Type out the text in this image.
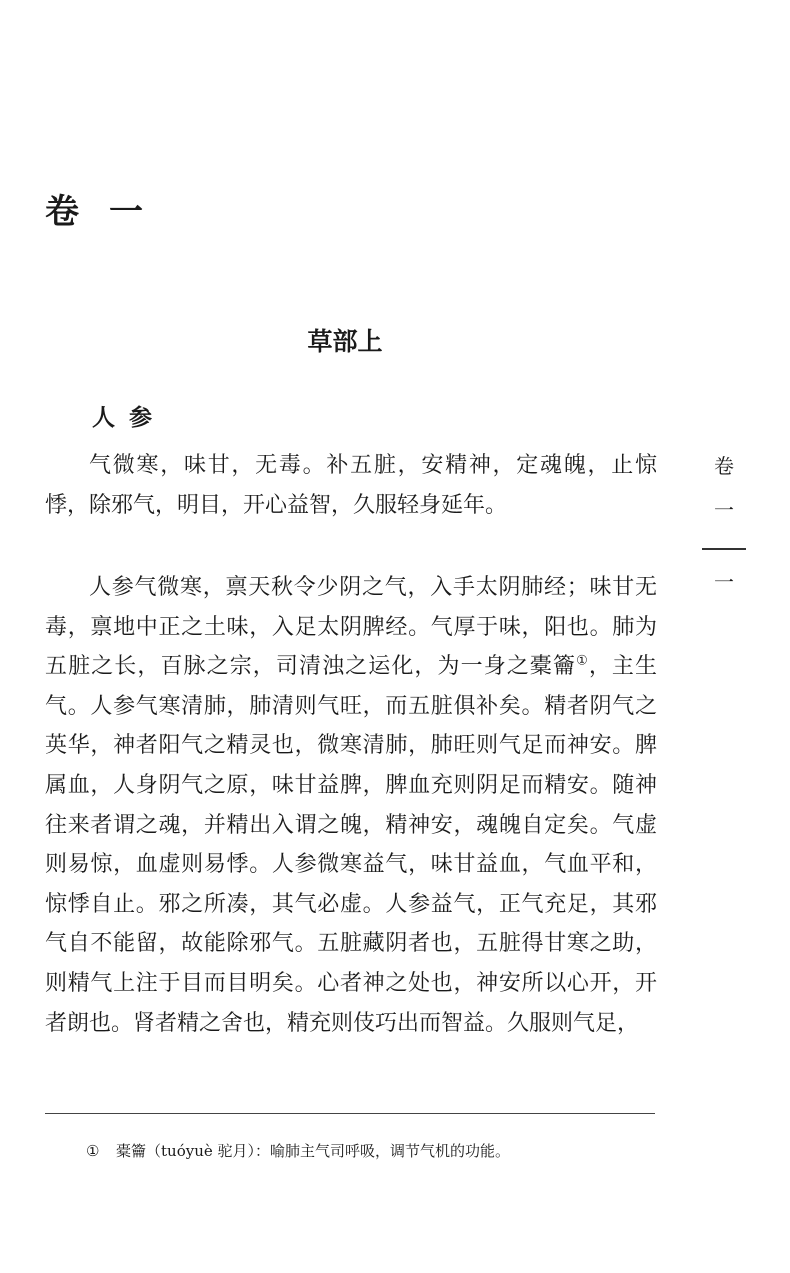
卷 一
草部上
人参

气微寒，味甘，无毒。补五脏，安精神，定魂魄，止惊悸，除邪气，明目，开心益智，久服轻身延年。

人参气微寒，禀天秋令少阴之气，入手太阴肺经；味甘无毒，禀地中正之土味，入足太阴脾经。气厚于味，阳也。肺为五脏之长，百脉之宗，司清浊之运化，为一身之橐籥①，主生气。人参气寒清肺，肺清则气旺，而五脏俱补矣。精者阴气之英华，神者阳气之精灵也，微寒清肺，肺旺则气足而神安。脾属血，人身阴气之原，味甘益脾，脾血充则阴足而精安。随神往来者谓之魂，并精出入谓之魄，精神安，魂魄自定矣。气虚则易惊，血虚则易悸。人参微寒益气，味甘益血，气血平和，惊悸自止。邪之所凑，其气必虚。人参益气，正气充足，其邪气自不能留，故能除邪气。五脏藏阴者也，五脏得甘寒之助，则精气上注于目而目明矣。心者神之处也，神安所以心开，开者朗也。肾者精之舍也，精充则伎巧出而智益。久服则气足，

① 橐籥（tuóyuè 驼月）：喻肺主气司呼吸，调节气机的功能。
卷
一
一
